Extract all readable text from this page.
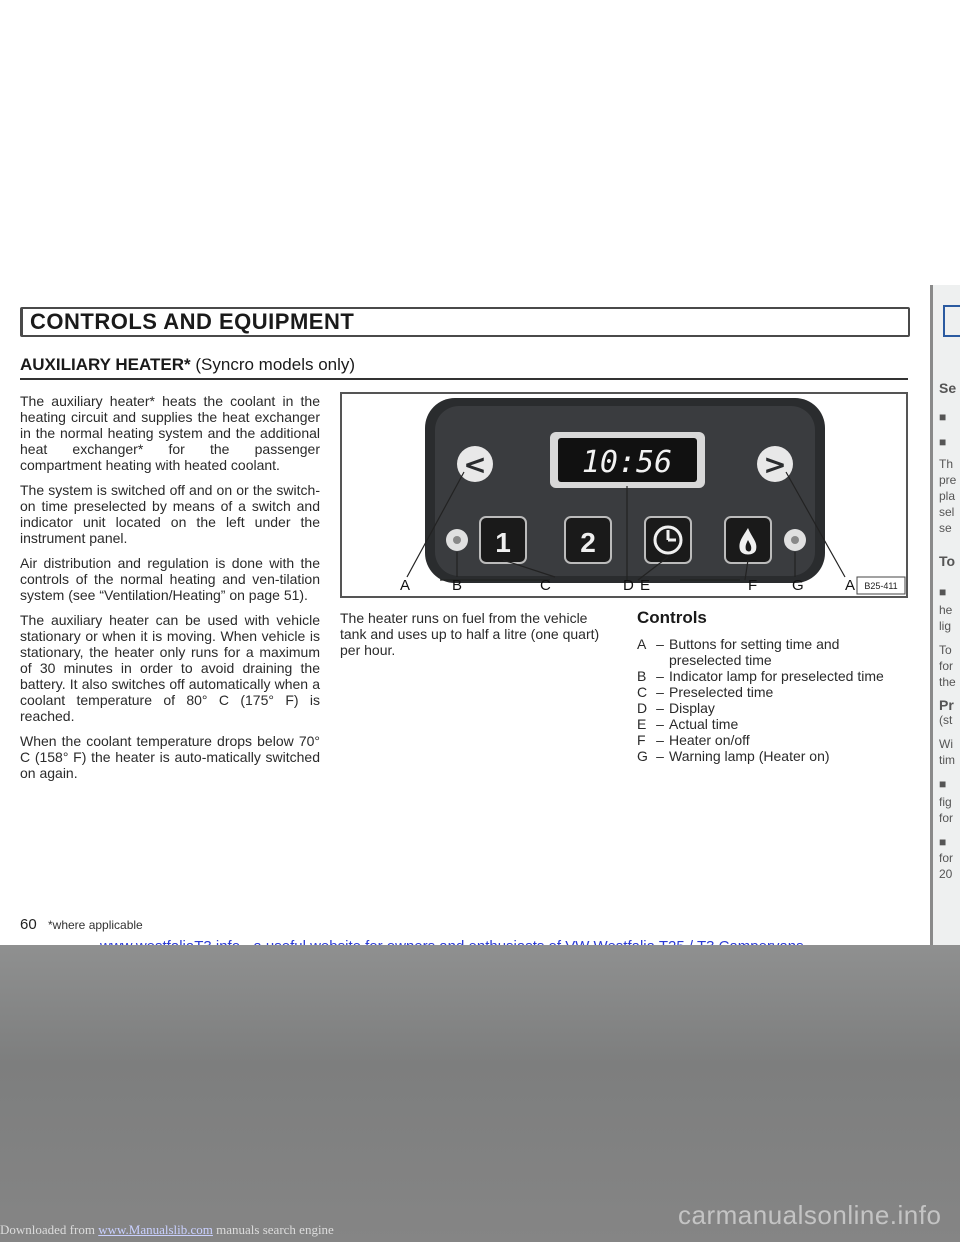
Se
■
■
Th
pre
pla
sel
se
To
■
he
lig
To
for
the
Pr
(st
Wi
tim
■
fig
for
■
for
20
CONTROLS AND EQUIPMENT
AUXILIARY HEATER* (Syncro models only)

The auxiliary heater* heats the coolant in the heating circuit and supplies the heat exchanger in the normal heating system and the additional heat exchanger* for the passenger compartment heating with heated coolant.

The system is switched off and on or the switch- on time preselected by means of a switch and indicator unit located on the left under the instrument panel.

Air distribution and regulation is done with the controls of the normal heating and ven-tilation system (see “Ventilation/Heating” on page 51).

The auxiliary heater can be used with vehicle stationary or when it is moving. When vehicle is stationary, the heater only runs for a maximum of 30 minutes in order to avoid draining the battery. It also switches off automatically when a coolant temperature of 80° C (175° F) is reached.

When the coolant temperature drops below 70° C (158° F) the heater is auto-matically switched on again.

10:56
<	>
1 2
A	B	C	D E	F G	A B25-411
The heater runs on fuel from the vehicle tank and uses up to half a litre (one quart) per hour.
Controls
A – Buttons for setting time and preselected time
B – Indicator lamp for preselected time
C – Preselected time
D – Display
E – Actual time
F – Heater on/off
G – Warning lamp (Heater on)
60 *where applicable
carmanualsonline.info
Downloaded from www.Manualslib.com manuals search engine
